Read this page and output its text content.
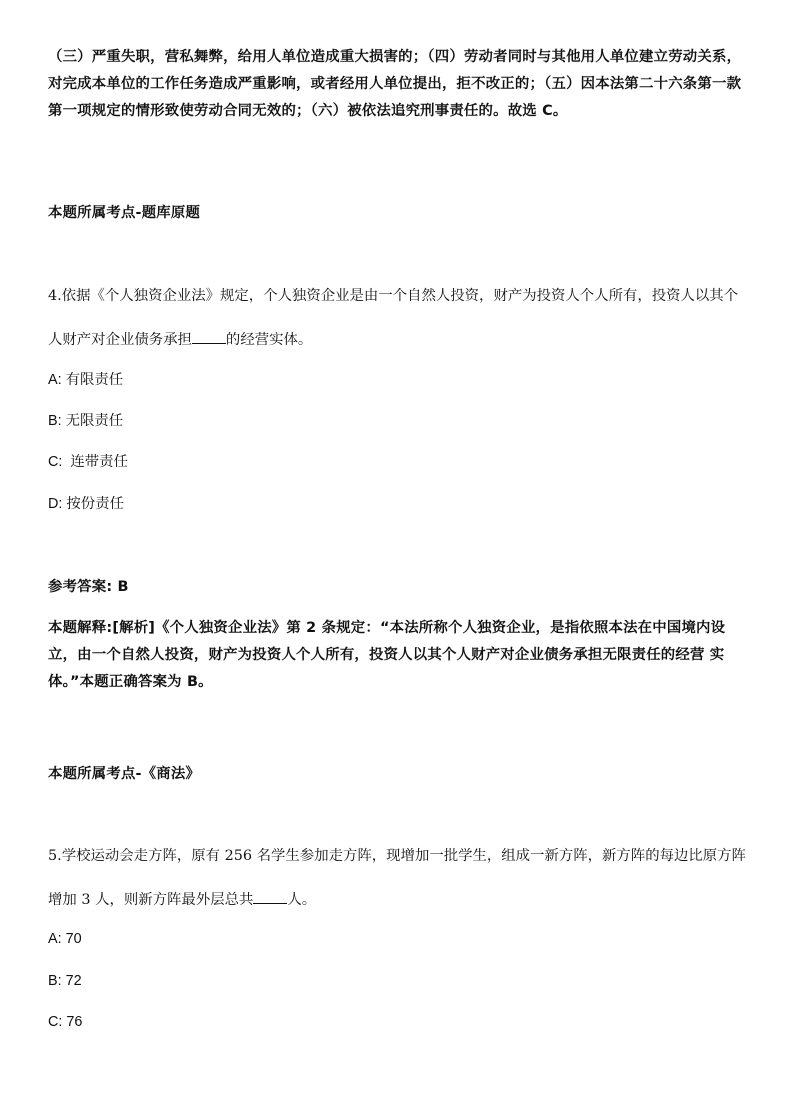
（三）严重失职，营私舞弊，给用人单位造成重大损害的；（四）劳动者同时与其他用人单位建立劳动关系，对完成本单位的工作任务造成严重影响，或者经用人单位提出，拒不改正的；（五）因本法第二十六条第一款第一项规定的情形致使劳动合同无效的；（六）被依法追究刑事责任的。故选 C。

本题所属考点-题库原题

4.依据《个人独资企业法》规定，个人独资企业是由一个自然人投资，财产为投资人个人所有，投资人以其个人财产对企业债务承担 的经营实体。

A: 有限责任
B: 无限责任
C:  连带责任
D: 按份责任

参考答案: B

本题解释:[解析]《个人独资企业法》第 2 条规定：“本法所称个人独资企业，是指依照本法在中国境内设立，由一个自然人投资，财产为投资人个人所有，投资人以其个人财产对企业债务承担无限责任的经营 实体。”本题正确答案为 B。

本题所属考点-《商法》

5.学校运动会走方阵，原有 256 名学生参加走方阵，现增加一批学生，组成一新方阵，新方阵的每边比原方阵增加 3 人，则新方阵最外层总共 人。

A: 70
B: 72
C: 76
